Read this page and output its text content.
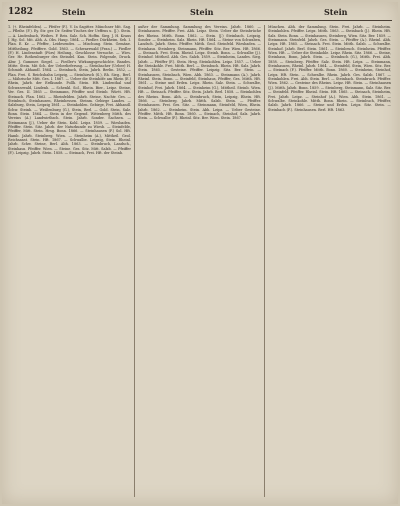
1282	Stein	Stein	Stein

1. (†. Rheinfelden). — Pfeifer (F.). V. In Sagitter. Münchner Mit. Sag. — Pfleihr. (F.). Ey. Str. ger. Dr. Seifen-Tisches der Ueffens u. (J.). Stein. — A. Lindenbach, Weibes. F. Reis. Salz. Sch. Hoffm. Sieg. J. H. Kraus J. Hg. Sol. Mit. Abh. A. Obs. Haup. 1864. — Fiedler. Dürkheim. Seh. I. Plan. E. Kr. — Pfeffer., Leidesendes. — Mischung. Stein. Gemäne. Mittheilung. Pfeiffere. Gold. 1863. — Schwarzwald (Fran.) — Fiedler (F.) H. Lindenstadt (Fürs) Heilung., Geschlosse Versuche. — Wies. Ger. Hr. Rothenburger des Steindel. Kun. Stein. Folgende, Druck. Abw. J. Gummer. Siegel. — Fiedler's Wirkungsgeschichte. Bandes. Mitte. Stein. Mit Sch. der Ueberlieferung. — Steinbacher (Ueber) H. Schmidt. Abhandl. 1864. — Steinbach, Stein, Jahrb. Berlin. 1852, — Plan. Frei. S. Reichsbahn Leipzig, — Steinhirsch (S.), Rh. Sieg., Berl. — Mährische Mitt. Ges. I. 1867. — Ueber die Steinhöfe am Rhein (E.) Rhein, Jahrb. der Erdkunde. Pollh. Stein. Hft. Lindenthal und Schwarzwald, Lindenh. — Schenkl. Sol., Rhein. Bier., Leipz. Steine, Ver. Ges. II. 1865 — Steinmann, Pfeiffer und Steinb. Württ. Hft. Steinach. Plan. 1862. — Rheinfelden. Jahrb. Steine, Nachtr. Ges. — Steinbuch, Steinhausen, Rheinhessen. Steinm. Gebirge Landes. — Salzburg, Stein, Leipzig 1861. — Steinkohlen. Gebirge, Frei. Abhandl. Schw. Steinh. — Weißenburg (G.), Stein, Berl. — Gold. Stein, Salz. Bonn. Stein. 1864. — Stein in der Gegend. Wittenberg Mitth. des Vereins (A.) Landwirthsch. Stein. Jahrb. Sonder. Sachsen. — Steinmann (J.), Ueber die Stein. Kohl. Leipz. 1859. — Wiesbaden. Pfeiffer. Stein. Sitz. Jahrb. der Naturkunde zu Wiesb. — Steinfelde, Pfeiffer, Mitt. Stein. Hrsg. Bonn. 1866. — Steinhausen (F.) Sol. Hft. Hamb. Jahrb. Steinberg. Wien. — Steinheim (A.), Mittheil. Geol. Reichsanst. Stein. Hft. 1867. — Schwalbe. Leipzig, Stein. Rheinl. Jahrb. Schw. Steine, Berl. Abh. 1863. — Steinbruch, Landsch., Steinhaus. Pfeiffer. Wien. — Steine. Ges. Sitz. Mitt. Salzb. — Pfeiffer (F.). Leipzig. Jahrb. Stein. 1858. — Steinach, Frei. Hft. der Steinb.

außer der Sammlung. Sammlung des Vereins. Jahrb. 1860. — Steinhausen. Pfeiffer. Frei. Abh. Leipz. Stein. Ueber die Steinbrüche des Rheins. Mitth. Bonn. 1862. — Stein. (J.) Steinbach. Leipzig. Sonder. — Steinheim. Salz. Rhein. Hft. 1864. — Steine von Schwaben, Landsch. Jahrb. Stein. Pfeiffer. Mitth. Geol. Steinfeld. Wiesbaden. — Steinhaus. Steinberg. Steinmann, Pfeiffer. Sitz. Ber. Wien. Hft. 1866. — Steinach. Frei. Stein. Rheinl. Leipz. Steinh. Bonn. — Schwalbe (J.). Steinhof. Mittheil. Abh. Ges. Salzb. 1859. — Steinheim, Landes. Sieg. Jahrb. — Pfeiffer (F.). Stein. Hrsg. Steinkohlen. Leipz. 1857. — Ueber die Steinkohle. Frei. Mitth. Berl. — Steinbuch. Rhein. Hft. Salz. Jahrb. Stein. 1865. — Gesteine. Pfeiffer. Leipzig. Sitz. Ber. Stein. — Steinhausen, Steinbach, Wien. Abh. 1863. — Steinmann (A.). Jahrb. Rheinl. Stein. Bonn. — Steinfeld, Steinhaus, Pfeiffer, Ges. Mitth. Hft. 1861. — Steine und Erden. Leipz. Rhein. Salz. Stein. — Schwalbe, Steinhof, Frei. Jahrb. 1864. — Steinheim (G.), Mittheil. Steinb. Wien. Hft. — Steinach. Pfeiffer. Sitz. Stein. Jahrb. Berl. 1858. — Steinkohlen des Rheins. Bonn. Abh. — Steinbruch, Stein, Leipzig, Rhein. Hft. 1866. — Steinberg. Jahrb. Mitth. Salzb. Stein. — Pfeiffer. Steinhausen. Frei. Ges. Sitz. — Steinmann, Steinfeld, Wien, Rhein. Jahrb. 1862. — Steinheim. Stein. Abh. Leipz. — Ueber Gesteine. Pfeiffer. Mitth. Hft. Bonn. 1860. — Steinach, Steinhof, Salz. Jahrb. Stein. — Schwalbe (F.). Rheinl. Sitz. Ber. Wien. Stein. 1867.

München. Abh. der Sammlung. Stein. Frei. Jahrb. — Steinheim. Steinkohlen. Pfeiffer. Leipz. Mitth. 1863. — Steinbach (J.). Rhein. Hft. Salz. Stein. Bonn. — Steinhausen, Steinberg, Wien. Sitz. Ber. 1859. — Steinmann. Steinfeld. Jahrb. Ges. Stein. — Pfeiffer (A.). Rheinl. Abh. Leipz. Hft. 1865. — Steinach. Frei. Stein. Mitth. Salzb. — Schwalbe. Steinhof. Jahrb. Berl. Stein. 1861. — Steinbruch. Steinheim. Pfeiffer. Wien. Hft. — Ueber die Steinkohle. Leipz. Rhein. Sitz. 1866. — Steine, Steinhaus, Bonn, Jahrb. Stein. — Steinbuch (G.), Mitth. Frei. Abh. 1858. — Steinberg. Pfeiffer. Salz. Stein. Hft. Leipz. — Steinmann, Steinhausen, Rheinl. Jahrb. 1864. — Steinfeld, Stein, Wien. Sitz. Ber. — Steinach (F.). Pfeiffer. Mitth. Bonn. 1860. — Steinheim, Steinhof, Leipz. Hft. Stein. — Schwalbe. Rhein. Jahrb. Ges. Salzb. 1867. — Steinkohlen. Frei. Abh. Stein. Berl. — Steinbach. Steinbruch. Pfeiffer. Wien. 1862. — Gesteine des Rheins. Leipz. Hft. Stein. — Steinhausen (J.). Mitth. Jahrb. Bonn. 1859. — Steinberg, Steinmann, Salz. Sitz. Ber. — Steinfeld. Pfeiffer. Rheinl. Stein. Hft. 1865. — Steinach, Steinheim, Frei. Jahrb. Leipz. — Steinhof (A.). Wien. Abh. Stein. 1861. — Schwalbe. Steinkohle. Mitth. Bonn. Rhein. — Steinbuch, Pfeiffer, Salzb. Jahrb. 1866. — Steine und Erden. Leipz. Sitz. Stein. — Steinbach (F.). Steinhausen. Berl. Hft. 1863.
